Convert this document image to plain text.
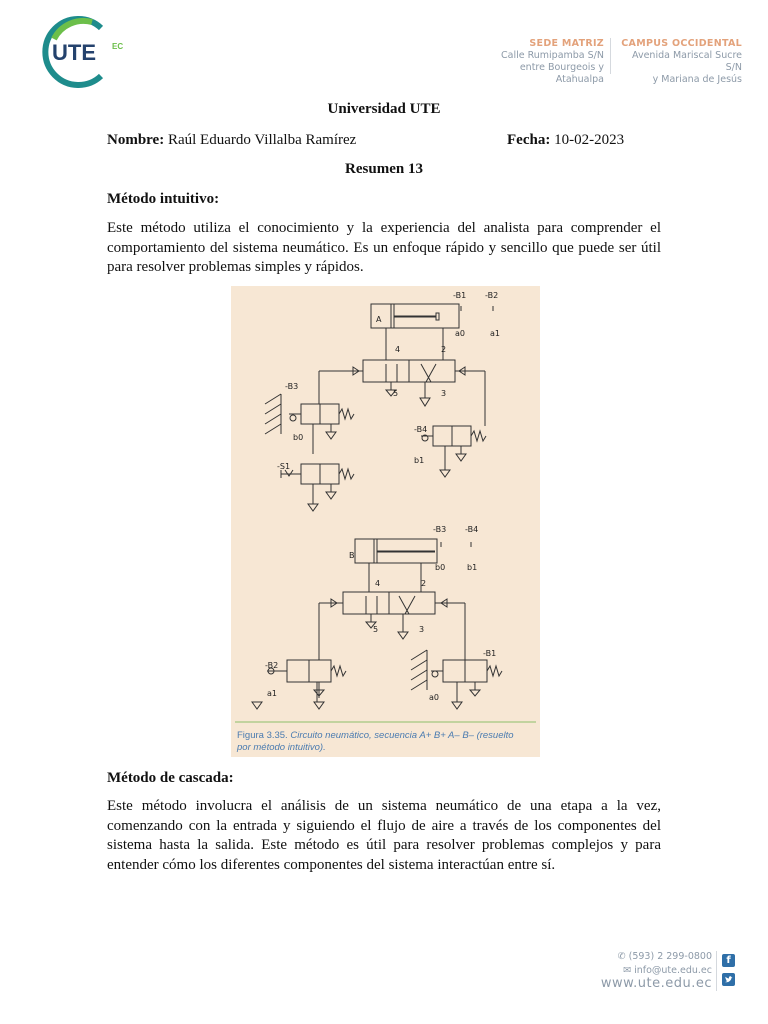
UTE EC	SEDE MATRIZ
Calle Rumipamba S/N
entre Bourgeois y Atahualpa
CAMPUS OCCIDENTAL
Avenida Mariscal Sucre S/N
y Mariana de Jesús
Universidad UTE
Nombre: Raúl Eduardo Villalba Ramírez	Fecha: 10-02-2023
Resumen 13
Método intuitivo:
Este método utiliza el conocimiento y la experiencia del analista para comprender el comportamiento del sistema neumático. Es un enfoque rápido y sencillo que puede ser útil para resolver problemas simples y rápidos.
A
B
-B1 -B2
a0	a1
-B3
b0
-B4
b1
-S1
-B3 -B4
b0	b1
-B2
a1
-B1
a0
4	2
5	3
4	2
5	3
Figura 3.35. Circuito neumático, secuencia A+ B+ A– B– (resuelto
por método intuitivo).
Método de cascada:
Este método involucra el análisis de un sistema neumático de una etapa a la vez, comenzando con la entrada y siguiendo el flujo de aire a través de los componentes del sistema hasta la salida. Este método es útil para resolver problemas complejos y para entender cómo los diferentes componentes del sistema interactúan entre sí.
✆ (593) 2 299-0800
✉ info@ute.edu.ec
www.ute.edu.ec
f
